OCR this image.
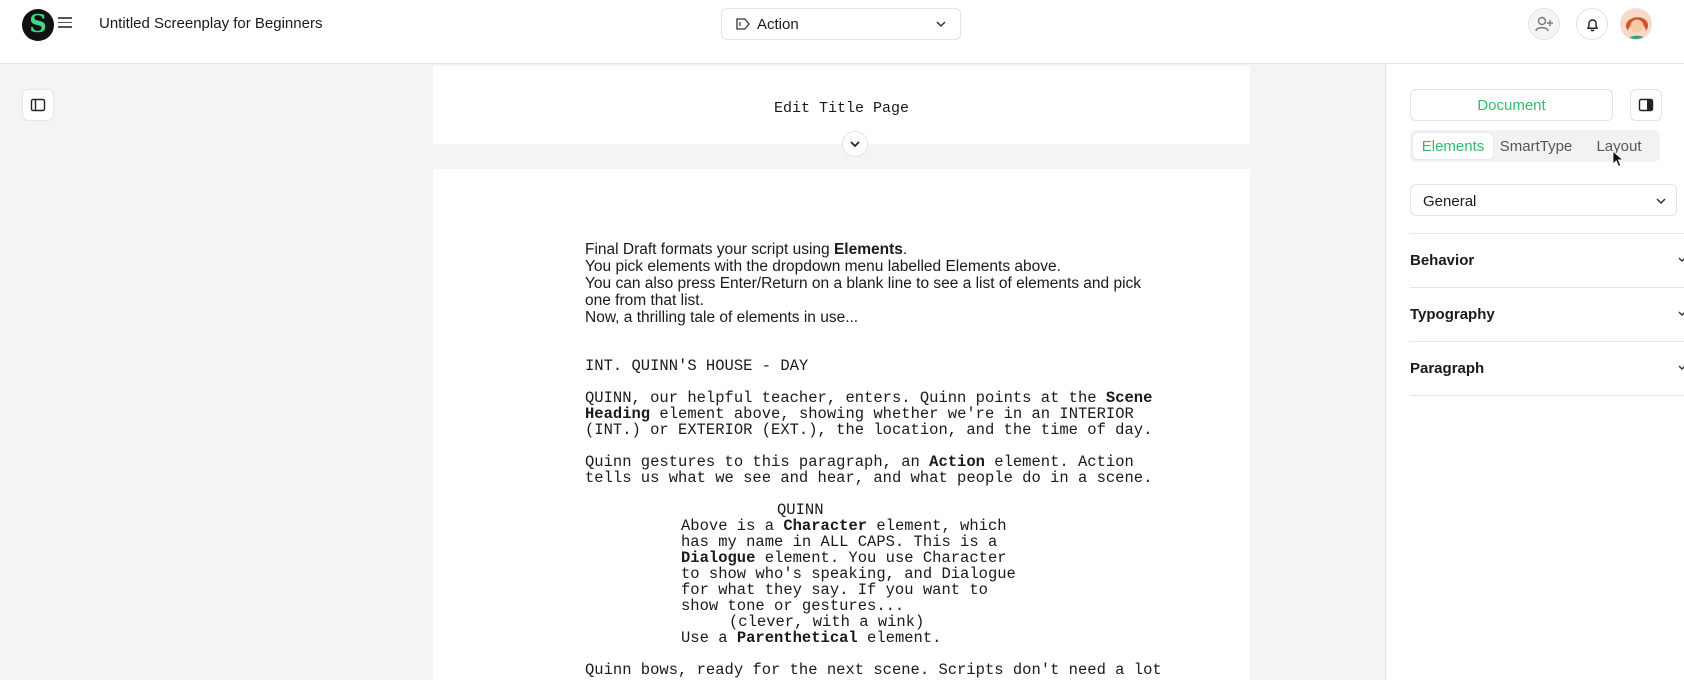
S	Untitled Screenplay for Beginners	Action
Edit Title Page
Final Draft formats your script using Elements.
You pick elements with the dropdown menu labelled Elements above.
You can also press Enter/Return on a blank line to see a list of elements and pick
one from that list.
Now, a thrilling tale of elements in use...
INT. QUINN'S HOUSE - DAY
QUINN, our helpful teacher, enters. Quinn points at the Scene
Heading element above, showing whether we're in an INTERIOR
(INT.) or EXTERIOR (EXT.), the location, and the time of day.
Quinn gestures to this paragraph, an Action element. Action
tells us what we see and hear, and what people do in a scene.
QUINN
Above is a Character element, which
has my name in ALL CAPS. This is a
Dialogue element. You use Character
to show who's speaking, and Dialogue
for what they say. If you want to
show tone or gestures...
(clever, with a wink)
Use a Parenthetical element.
Quinn bows, ready for the next scene. Scripts don't need a lot
Document
Elements	SmartType	Layout
General
Behavior
Typography
Paragraph
